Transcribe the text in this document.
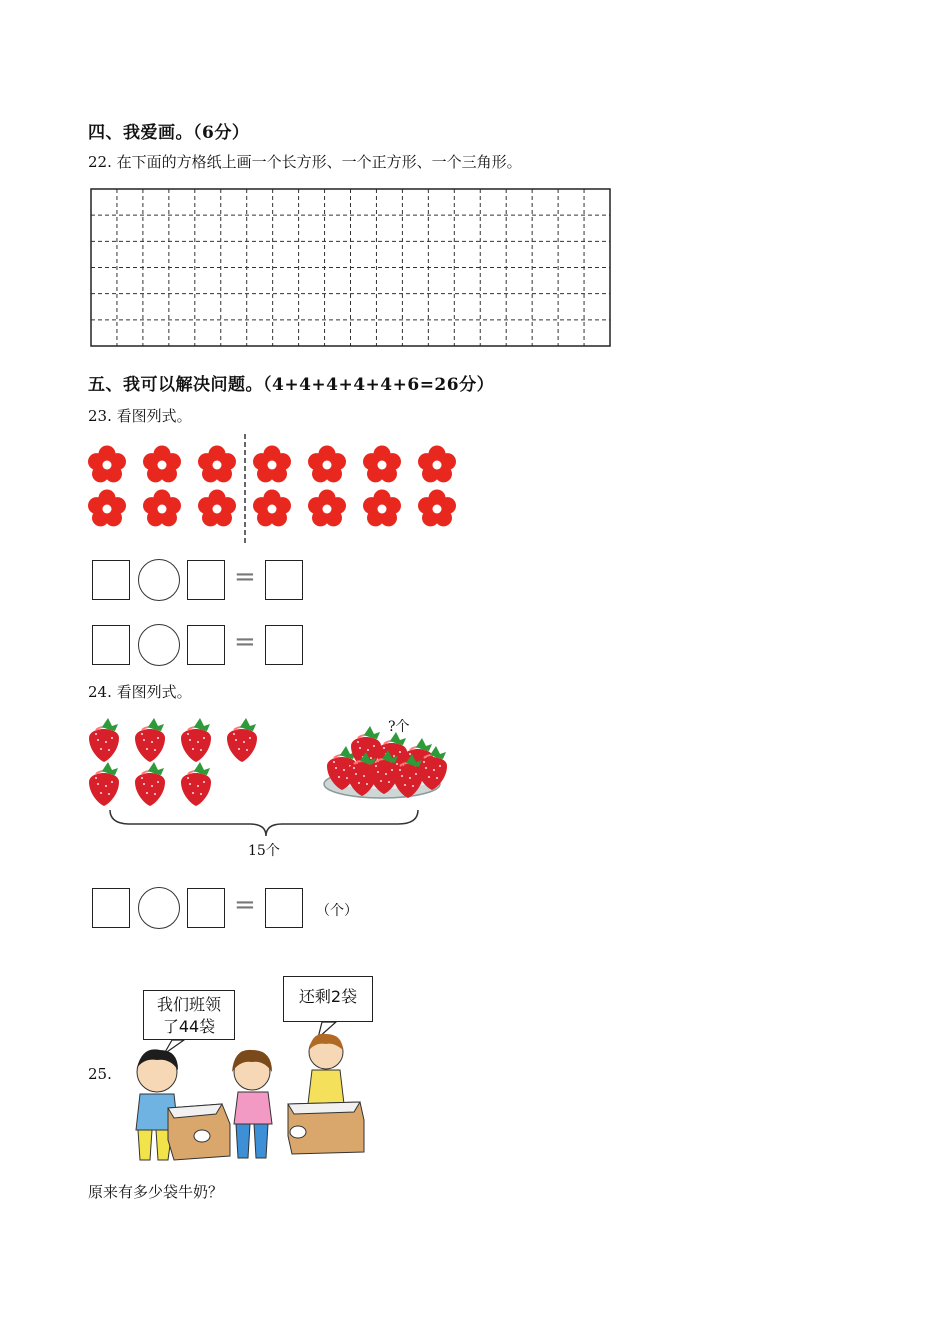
四、我爱画。（6分）
22. 在下面的方格纸上画一个长方形、一个正方形、一个三角形。
五、我可以解决问题。（4+4+4+4+4+6=26分）
23. 看图列式。
=
=
24. 看图列式。
?个
15个
=	（个）
25.
我们班领了44袋
还剩2袋
原来有多少袋牛奶？
